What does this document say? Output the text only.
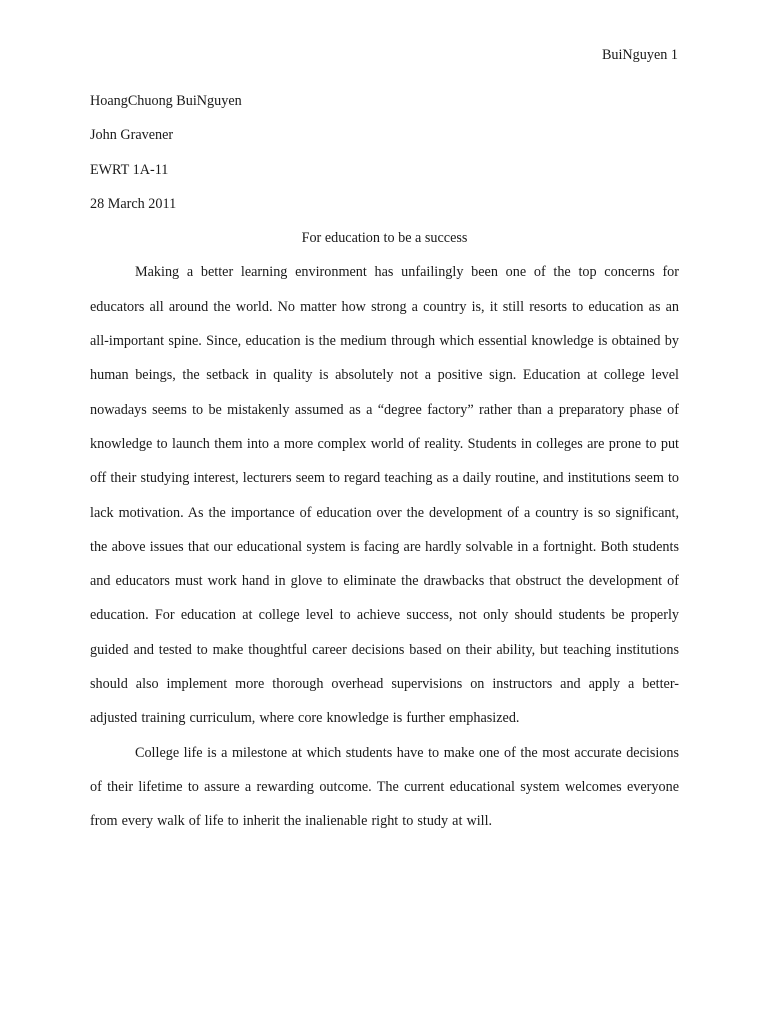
BuiNguyen 1

HoangChuong BuiNguyen

John Gravener

EWRT 1A-11

28 March 2011

For education to be a success

Making a better learning environment has unfailingly been one of the top concerns for educators all around the world. No matter how strong a country is, it still resorts to education as an all-important spine. Since, education is the medium through which essential knowledge is obtained by human beings, the setback in quality is absolutely not a positive sign. Education at college level nowadays seems to be mistakenly assumed as a “degree factory” rather than a preparatory phase of knowledge to launch them into a more complex world of reality. Students in colleges are prone to put off their studying interest, lecturers seem to regard teaching as a daily routine, and institutions seem to lack motivation. As the importance of education over the development of a country is so significant, the above issues that our educational system is facing are hardly solvable in a fortnight. Both students and educators must work hand in glove to eliminate the drawbacks that obstruct the development of education. For education at college level to achieve success, not only should students be properly guided and tested to make thoughtful career decisions based on their ability, but teaching institutions should also implement more thorough overhead supervisions on instructors and apply a better-adjusted training curriculum, where core knowledge is further emphasized.

College life is a milestone at which students have to make one of the most accurate decisions of their lifetime to assure a rewarding outcome. The current educational system welcomes everyone from every walk of life to inherit the inalienable right to study at will.
